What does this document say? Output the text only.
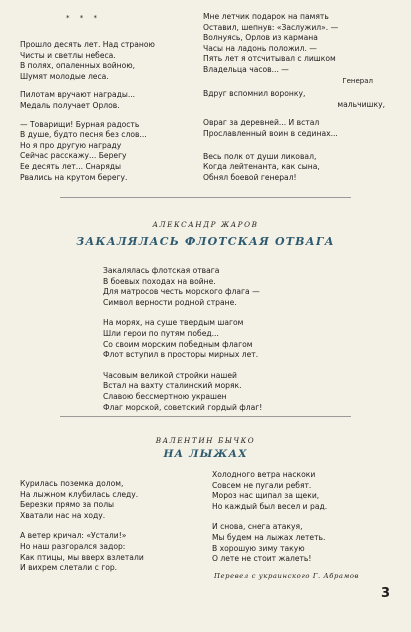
* * *
Прошло десять лет. Над страною
Чисты и светлы небеса.
В полях, опаленных войною,
Шумят молодые леса.
Пилотам вручают награды...
Медаль получает Орлов.
— Товарищи! Бурная радость
В душе, будто песня без слов...
Но я про другую награду
Сейчас расскажу... Берегу
Ее десять лет... Снаряды
Рвались на крутом берегу.
Мне летчик подарок на память
Оставил, шепнув: «Заслужил». —
Волнуясь, Орлов из кармана
Часы на ладонь положил. —
Пять лет я отсчитывал с лишком
Владельца часов... —
Генерал
Вдруг вспомнил воронку,
мальчишку,
Овраг за деревней... И встал
Прославленный воин в сединах...
Весь полк от души ликовал,
Когда лейтенанта, как сына,
Обнял боевой генерал!
АЛЕКСАНДР ЖАРОВ
ЗАКАЛЯЛАСЬ ФЛОТСКАЯ ОТВАГА
Закалялась флотская отвага
В боевых походах на войне.
Для матросов честь морского флага —
Символ верности родной стране.
На морях, на суше твердым шагом
Шли герои по путям побед...
Со своим морским победным флагом
Флот вступил в просторы мирных лет.
Часовым великой стройки нашей
Встал на вахту сталинский моряк.
Славою бессмертною украшен
Флаг морской, советский гордый флаг!
ВАЛЕНТИН БЫЧКО
НА ЛЫЖАХ
Курилась поземка долом,
На лыжном клубилась следу.
Березки прямо за полы
Хватали нас на ходу.
А ветер кричал: «Устали!»
Но наш разгорался задор:
Как птицы, мы вверх взлетали
И вихрем слетали с гор.
Холодного ветра наскоки
Совсем не пугали ребят.
Мороз нас щипал за щеки,
Но каждый был весел и рад.
И снова, снега атакуя,
Мы будем на лыжах лететь.
В хорошую зиму такую
О лете не стоит жалеть!
Перевел с украинского Г. Абрамов
3
